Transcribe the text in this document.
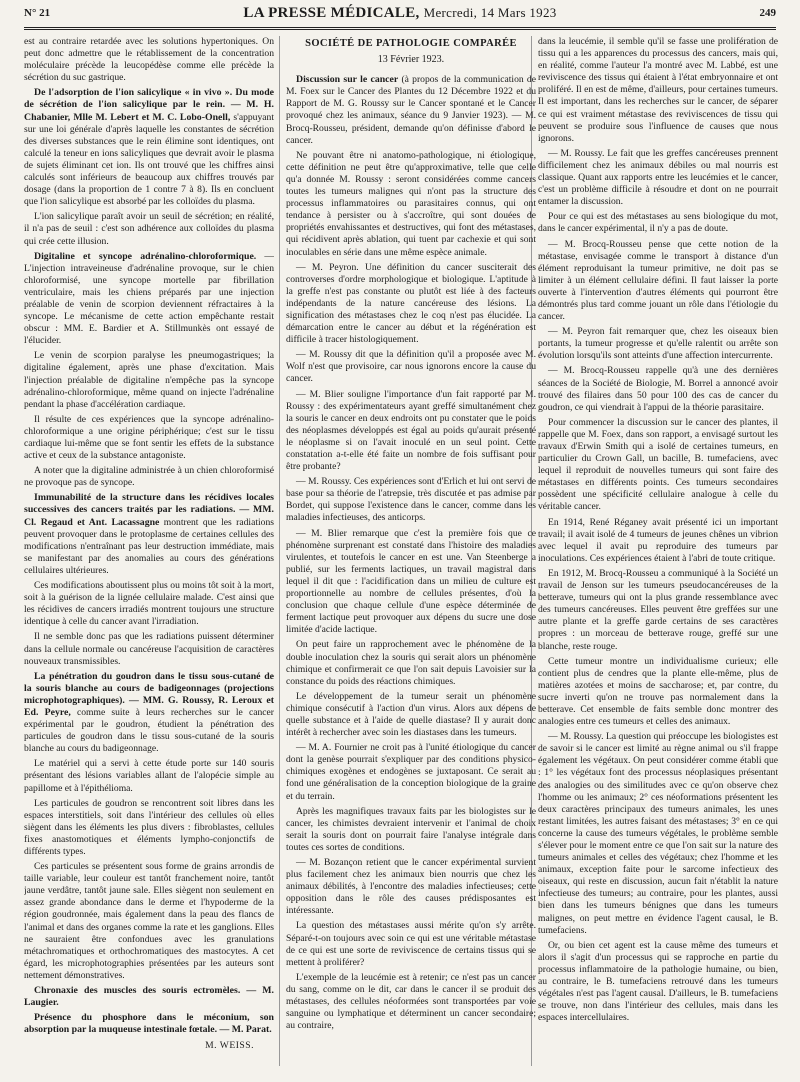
N° 21	LA PRESSE MÉDICALE, Mercredi, 14 Mars 1923	249

est au contraire retardée avec les solutions hypertoniques. On peut donc admettre que le rétablissement de la concentration moléculaire précède la leucopédèse comme elle précède la sécrétion du suc gastrique.

De l'adsorption de l'ion salicylique « in vivo ». Du mode de sécrétion de l'ion salicylique par le rein. — M. H. Chabanier, Mlle M. Lebert et M. C. Lobo-Onell, s'appuyant sur une loi générale d'après laquelle les constantes de sécrétion des diverses substances que le rein élimine sont identiques, ont calculé la teneur en ions salicyliques que devrait avoir le plasma de sujets éliminant cet ion. Ils ont trouvé que les chiffres ainsi calculés sont inférieurs de beaucoup aux chiffres trouvés par dosage (dans la proportion de 1 contre 7 à 8). Ils en concluent que l'ion salicylique est absorbé par les colloïdes du plasma.

L'ion salicylique paraît avoir un seuil de sécrétion; en réalité, il n'a pas de seuil : c'est son adhérence aux colloïdes du plasma qui crée cette illusion.

Digitaline et syncope adrénalino-chloroformique. — L'injection intraveineuse d'adrénaline provoque, sur le chien chloroformisé, une syncope mortelle par fibrillation ventriculaire, mais les chiens préparés par une injection préalable de venin de scorpion deviennent réfractaires à la syncope. Le mécanisme de cette action empêchante restait obscur : MM. E. Bardier et A. Stillmunkès ont essayé de l'élucider.

Le venin de scorpion paralyse les pneumogastriques; la digitaline également, après une phase d'excitation. Mais l'injection préalable de digitaline n'empêche pas la syncope adrénalino-chloroformique, même quand on injecte l'adrénaline pendant la phase d'accélération cardiaque.

Il résulte de ces expériences que la syncope adrénalino-chloroformique a une origine périphérique; c'est sur le tissu cardiaque lui-même que se font sentir les effets de la substance active et ceux de la substance antagoniste.

A noter que la digitaline administrée à un chien chloroformisé ne provoque pas de syncope.

Immunabilité de la structure dans les récidives locales successives des cancers traités par les radiations. — MM. Cl. Regaud et Ant. Lacassagne montrent que les radiations peuvent provoquer dans le protoplasme de certaines cellules des modifications n'entraînant pas leur destruction immédiate, mais se manifestant par des anomalies au cours des générations cellulaires ultérieures.

Ces modifications aboutissent plus ou moins tôt soit à la mort, soit à la guérison de la lignée cellulaire malade. C'est ainsi que les récidives de cancers irradiés montrent toujours une structure identique à celle du cancer avant l'irradiation.

Il ne semble donc pas que les radiations puissent déterminer dans la cellule normale ou cancéreuse l'acquisition de caractères nouveaux transmissibles.

La pénétration du goudron dans le tissu sous-cutané de la souris blanche au cours de badigeonnages (projections microphotographiques). — MM. G. Roussy, R. Leroux et Ed. Peyre, comme suite à leurs recherches sur le cancer expérimental par le goudron, étudient la pénétration des particules de goudron dans le tissu sous-cutané de la souris blanche au cours du badigeonnage.

Le matériel qui a servi à cette étude porte sur 140 souris présentant des lésions variables allant de l'alopécie simple au papillome et à l'épithélioma.

Les particules de goudron se rencontrent soit libres dans les espaces interstitiels, soit dans l'intérieur des cellules où elles siègent dans les éléments les plus divers : fibroblastes, cellules fixes anastomotiques et éléments lympho-conjonctifs de différents types.

Ces particules se présentent sous forme de grains arrondis de taille variable, leur couleur est tantôt franchement noire, tantôt jaune verdâtre, tantôt jaune sale. Elles siègent non seulement en assez grande abondance dans le derme et l'hypoderme de la région goudronnée, mais également dans la peau des flancs de l'animal et dans des organes comme la rate et les ganglions. Elles ne sauraient être confondues avec les granulations métachromatiques et orthochromatiques des mastocytes. A cet égard, les microphotographies présentées par les auteurs sont nettement démonstratives.

Chronaxie des muscles des souris ectromèles. — M. Laugier.

Présence du phosphore dans le méconium, son absorption par la muqueuse intestinale fœtale. — M. Parat.

M. WEISS.

SOCIÉTÉ DE PATHOLOGIE COMPARÉE

13 Février 1923.

Discussion sur le cancer (à propos de la communication de M. Foex sur le Cancer des Plantes du 12 Décembre 1922 et du Rapport de M. G. Roussy sur le Cancer spontané et le Cancer provoqué chez les animaux, séance du 9 Janvier 1923). — M. Brocq-Rousseu, président, demande qu'on définisse d'abord le cancer.

Ne pouvant être ni anatomo-pathologique, ni étiologique, cette définition ne peut être qu'approximative, telle que celle qu'a donnée M. Roussy : seront considérées comme cancers toutes les tumeurs malignes qui n'ont pas la structure des processus inflammatoires ou parasitaires connus, qui ont tendance à persister ou à s'accroître, qui sont douées de propriétés envahissantes et destructives, qui font des métastases, qui récidivent après ablation, qui tuent par cachexie et qui sont inoculables en série dans une même espèce animale.

— M. Peyron. Une définition du cancer susciterait des controverses d'ordre morphologique et biologique. L'aptitude à la greffe n'est pas constante ou plutôt est liée à des facteurs indépendants de la nature cancéreuse des lésions. La signification des métastases chez le coq n'est pas élucidée. La démarcation entre le cancer au début et la régénération est difficile à tracer histologiquement.

— M. Roussy dit que la définition qu'il a proposée avec M. Wolf n'est que provisoire, car nous ignorons encore la cause du cancer.

— M. Blier souligne l'importance d'un fait rapporté par M. Roussy : des expérimentateurs ayant greffé simultanément chez la souris le cancer en deux endroits ont pu constater que le poids des néoplasmes développés est égal au poids qu'aurait présenté le néoplasme si on l'avait inoculé en un seul point. Cette constatation a-t-elle été faite un nombre de fois suffisant pour être probante?

— M. Roussy. Ces expériences sont d'Erlich et lui ont servi de base pour sa théorie de l'atrepsie, très discutée et pas admise par Bordet, qui suppose l'existence dans le cancer, comme dans les maladies infectieuses, des anticorps.

— M. Blier remarque que c'est la première fois que ce phénomène surprenant est constaté dans l'histoire des maladies virulentes, et toutefois le cancer en est une. Van Steenberge a publié, sur les ferments lactiques, un travail magistral dans lequel il dit que : l'acidification dans un milieu de culture est proportionnelle au nombre de cellules présentes, d'où la conclusion que chaque cellule d'une espèce déterminée de ferment lactique peut provoquer aux dépens du sucre une dose limitée d'acide lactique.

On peut faire un rapprochement avec le phénomène de la double inoculation chez la souris qui serait alors un phénomène chimique et confirmerait ce que l'on sait depuis Lavoisier sur la constance du poids des réactions chimiques.

Le développement de la tumeur serait un phénomène chimique consécutif à l'action d'un virus. Alors aux dépens de quelle substance et à l'aide de quelle diastase? Il y aurait donc intérêt à rechercher avec soin les diastases dans les tumeurs.

— M. A. Fournier ne croit pas à l'unité étiologique du cancer dont la genèse pourrait s'expliquer par des conditions physico-chimiques exogènes et endogènes se juxtaposant. Ce serait au fond une généralisation de la conception biologique de la graine et du terrain.

Après les magnifiques travaux faits par les biologistes sur le cancer, les chimistes devraient intervenir et l'animal de choix serait la souris dont on pourrait faire l'analyse intégrale dans toutes ces sortes de conditions.

— M. Bozançon retient que le cancer expérimental survient plus facilement chez les animaux bien nourris que chez les animaux débilités, à l'encontre des maladies infectieuses; cette opposition dans le rôle des causes prédisposantes est intéressante.

La question des métastases aussi mérite qu'on s'y arrête. Séparé-t-on toujours avec soin ce qui est une véritable métastase de ce qui est une sorte de reviviscence de certains tissus qui se mettent à proliférer?

L'exemple de la leucémie est à retenir; ce n'est pas un cancer du sang, comme on le dit, car dans le cancer il se produit des métastases, des cellules néoformées sont transportées par voie sanguine ou lymphatique et déterminent un cancer secondaire; au contraire,

dans la leucémie, il semble qu'il se fasse une prolifération de tissu qui a les apparences du processus des cancers, mais qui, en réalité, comme l'auteur l'a montré avec M. Labbé, est une reviviscence des tissus qui étaient à l'état embryonnaire et ont proliféré. Il en est de même, d'ailleurs, pour certaines tumeurs. Il est important, dans les recherches sur le cancer, de séparer ce qui est vraiment métastase des reviviscences de tissu qui peuvent se produire sous l'influence de causes que nous ignorons.

— M. Roussy. Le fait que les greffes cancéreuses prennent difficilement chez les animaux débiles ou mal nourris est classique. Quant aux rapports entre les leucémies et le cancer, c'est un problème difficile à résoudre et dont on ne pourrait entamer la discussion.

Pour ce qui est des métastases au sens biologique du mot, dans le cancer expérimental, il n'y a pas de doute.

— M. Brocq-Rousseu pense que cette notion de la métastase, envisagée comme le transport à distance d'un élément reproduisant la tumeur primitive, ne doit pas se limiter à un élément cellulaire défini. Il faut laisser la porte ouverte à l'intervention d'autres éléments qui pourront être démontrés plus tard comme jouant un rôle dans l'étiologie du cancer.

— M. Peyron fait remarquer que, chez les oiseaux bien portants, la tumeur progresse et qu'elle ralentit ou arrête son évolution lorsqu'ils sont atteints d'une affection intercurrente.

— M. Brocq-Rousseu rappelle qu'à une des dernières séances de la Société de Biologie, M. Borrel a annoncé avoir trouvé des filaires dans 50 pour 100 des cas de cancer du goudron, ce qui viendrait à l'appui de la théorie parasitaire.

Pour commencer la discussion sur le cancer des plantes, il rappelle que M. Foex, dans son rapport, a envisagé surtout les travaux d'Erwin Smith qui a isolé de certaines tumeurs, en particulier du Crown Gall, un bacille, B. tumefaciens, avec lequel il reproduit de nouvelles tumeurs qui sont faire des métastases en différents points. Ces tumeurs secondaires possèdent une spécificité cellulaire analogue à celle du véritable cancer.

En 1914, René Réganey avait présenté ici un important travail; il avait isolé de 4 tumeurs de jeunes chênes un vibrion avec lequel il avait pu reproduire des tumeurs par inoculations. Ces expériences étaient à l'abri de toute critique.

En 1912, M. Brocq-Rousseu a communiqué à la Société un travail de Jenson sur les tumeurs pseudocancéreuses de la betterave, tumeurs qui ont la plus grande ressemblance avec des tumeurs cancéreuses. Elles peuvent être greffées sur une autre plante et la greffe garde certains de ses caractères propres : un morceau de betterave rouge, greffé sur une blanche, reste rouge.

Cette tumeur montre un individualisme curieux; elle contient plus de cendres que la plante elle-même, plus de matières azotées et moins de saccharose; et, par contre, du sucre inverti qu'on ne trouve pas normalement dans la betterave. Cet ensemble de faits semble donc montrer des analogies entre ces tumeurs et celles des animaux.

— M. Roussy. La question qui préoccupe les biologistes est de savoir si le cancer est limité au règne animal ou s'il frappe également les végétaux. On peut considérer comme établi que : 1° les végétaux font des processus néoplasiques présentant des analogies ou des similitudes avec ce qu'on observe chez l'homme ou les animaux; 2° ces néoformations présentent les deux caractères principaux des tumeurs animales, les unes restant limitées, les autres faisant des métastases; 3° en ce qui concerne la cause des tumeurs végétales, le problème semble s'élever pour le moment entre ce que l'on sait sur la nature des tumeurs animales et celles des végétaux; chez l'homme et les animaux, exception faite pour le sarcome infectieux des oiseaux, qui reste en discussion, aucun fait n'établit la nature infectieuse des tumeurs; au contraire, pour les plantes, aussi bien dans les tumeurs bénignes que dans les tumeurs malignes, on peut mettre en évidence l'agent causal, le B. tumefaciens.

Or, ou bien cet agent est la cause même des tumeurs et alors il s'agit d'un processus qui se rapproche en partie du processus inflammatoire de la pathologie humaine, ou bien, au contraire, le B. tumefaciens retrouvé dans les tumeurs végétales n'est pas l'agent causal. D'ailleurs, le B. tumefaciens se trouve, non dans l'intérieur des cellules, mais dans les espaces intercellulaires.
